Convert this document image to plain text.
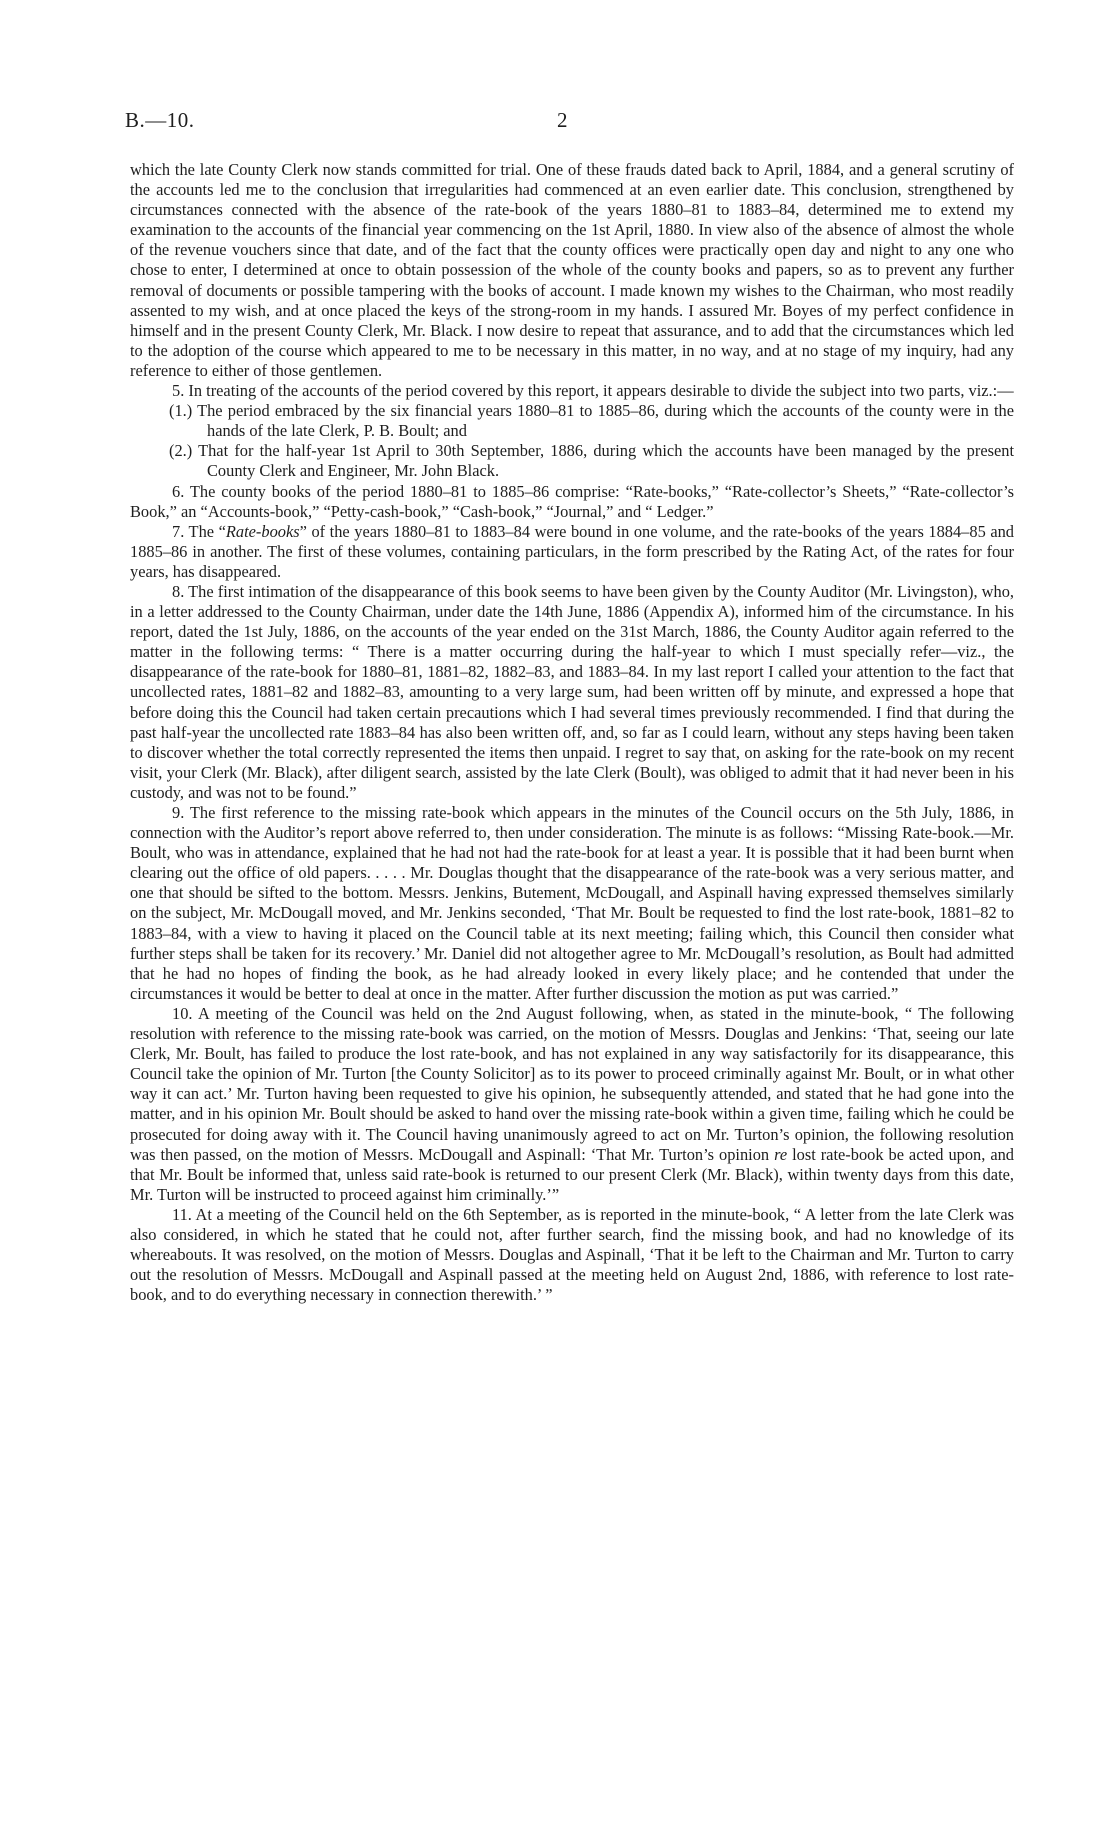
B.—10.	2

which the late County Clerk now stands committed for trial. One of these frauds dated back to April, 1884, and a general scrutiny of the accounts led me to the conclusion that irregularities had commenced at an even earlier date. This conclusion, strengthened by circumstances connected with the absence of the rate-book of the years 1880–81 to 1883–84, determined me to extend my examination to the accounts of the financial year commencing on the 1st April, 1880. In view also of the absence of almost the whole of the revenue vouchers since that date, and of the fact that the county offices were practically open day and night to any one who chose to enter, I determined at once to obtain possession of the whole of the county books and papers, so as to prevent any further removal of documents or possible tampering with the books of account. I made known my wishes to the Chairman, who most readily assented to my wish, and at once placed the keys of the strong-room in my hands. I assured Mr. Boyes of my perfect confidence in himself and in the present County Clerk, Mr. Black. I now desire to repeat that assurance, and to add that the circumstances which led to the adoption of the course which appeared to me to be necessary in this matter, in no way, and at no stage of my inquiry, had any reference to either of those gentlemen.

5. In treating of the accounts of the period covered by this report, it appears desirable to divide the subject into two parts, viz.:—

(1.) The period embraced by the six financial years 1880–81 to 1885–86, during which the accounts of the county were in the hands of the late Clerk, P. B. Boult; and

(2.) That for the half-year 1st April to 30th September, 1886, during which the accounts have been managed by the present County Clerk and Engineer, Mr. John Black.

6. The county books of the period 1880–81 to 1885–86 comprise: “Rate-books,” “Rate-collector’s Sheets,” “Rate-collector’s Book,” an “Accounts-book,” “Petty-cash-book,” “Cash-book,” “Journal,” and “ Ledger.”

7. The “Rate-books” of the years 1880–81 to 1883–84 were bound in one volume, and the rate-books of the years 1884–85 and 1885–86 in another. The first of these volumes, containing particulars, in the form prescribed by the Rating Act, of the rates for four years, has disappeared.

8. The first intimation of the disappearance of this book seems to have been given by the County Auditor (Mr. Livingston), who, in a letter addressed to the County Chairman, under date the 14th June, 1886 (Appendix A), informed him of the circumstance. In his report, dated the 1st July, 1886, on the accounts of the year ended on the 31st March, 1886, the County Auditor again referred to the matter in the following terms: “ There is a matter occurring during the half-year to which I must specially refer—viz., the disappearance of the rate-book for 1880–81, 1881–82, 1882–83, and 1883–84. In my last report I called your attention to the fact that uncollected rates, 1881–82 and 1882–83, amounting to a very large sum, had been written off by minute, and expressed a hope that before doing this the Council had taken certain precautions which I had several times previously recommended. I find that during the past half-year the uncollected rate 1883–84 has also been written off, and, so far as I could learn, without any steps having been taken to discover whether the total correctly represented the items then unpaid. I regret to say that, on asking for the rate-book on my recent visit, your Clerk (Mr. Black), after diligent search, assisted by the late Clerk (Boult), was obliged to admit that it had never been in his custody, and was not to be found.”

9. The first reference to the missing rate-book which appears in the minutes of the Council occurs on the 5th July, 1886, in connection with the Auditor’s report above referred to, then under consideration. The minute is as follows: “Missing Rate-book.—Mr. Boult, who was in attendance, explained that he had not had the rate-book for at least a year. It is possible that it had been burnt when clearing out the office of old papers. . . . . Mr. Douglas thought that the disappearance of the rate-book was a very serious matter, and one that should be sifted to the bottom. Messrs. Jenkins, Butement, McDougall, and Aspinall having expressed themselves similarly on the subject, Mr. McDougall moved, and Mr. Jenkins seconded, ‘That Mr. Boult be requested to find the lost rate-book, 1881–82 to 1883–84, with a view to having it placed on the Council table at its next meeting; failing which, this Council then consider what further steps shall be taken for its recovery.’ Mr. Daniel did not altogether agree to Mr. McDougall’s resolution, as Boult had admitted that he had no hopes of finding the book, as he had already looked in every likely place; and he contended that under the circumstances it would be better to deal at once in the matter. After further discussion the motion as put was carried.”

10. A meeting of the Council was held on the 2nd August following, when, as stated in the minute-book, “ The following resolution with reference to the missing rate-book was carried, on the motion of Messrs. Douglas and Jenkins: ‘That, seeing our late Clerk, Mr. Boult, has failed to produce the lost rate-book, and has not explained in any way satisfactorily for its disappearance, this Council take the opinion of Mr. Turton [the County Solicitor] as to its power to proceed criminally against Mr. Boult, or in what other way it can act.’ Mr. Turton having been requested to give his opinion, he subsequently attended, and stated that he had gone into the matter, and in his opinion Mr. Boult should be asked to hand over the missing rate-book within a given time, failing which he could be prosecuted for doing away with it. The Council having unanimously agreed to act on Mr. Turton’s opinion, the following resolution was then passed, on the motion of Messrs. McDougall and Aspinall: ‘That Mr. Turton’s opinion re lost rate-book be acted upon, and that Mr. Boult be informed that, unless said rate-book is returned to our present Clerk (Mr. Black), within twenty days from this date, Mr. Turton will be instructed to proceed against him criminally.’”

11. At a meeting of the Council held on the 6th September, as is reported in the minute-book, “ A letter from the late Clerk was also considered, in which he stated that he could not, after further search, find the missing book, and had no knowledge of its whereabouts. It was resolved, on the motion of Messrs. Douglas and Aspinall, ‘That it be left to the Chairman and Mr. Turton to carry out the resolution of Messrs. McDougall and Aspinall passed at the meeting held on August 2nd, 1886, with reference to lost rate-book, and to do everything necessary in connection therewith.’ ”
